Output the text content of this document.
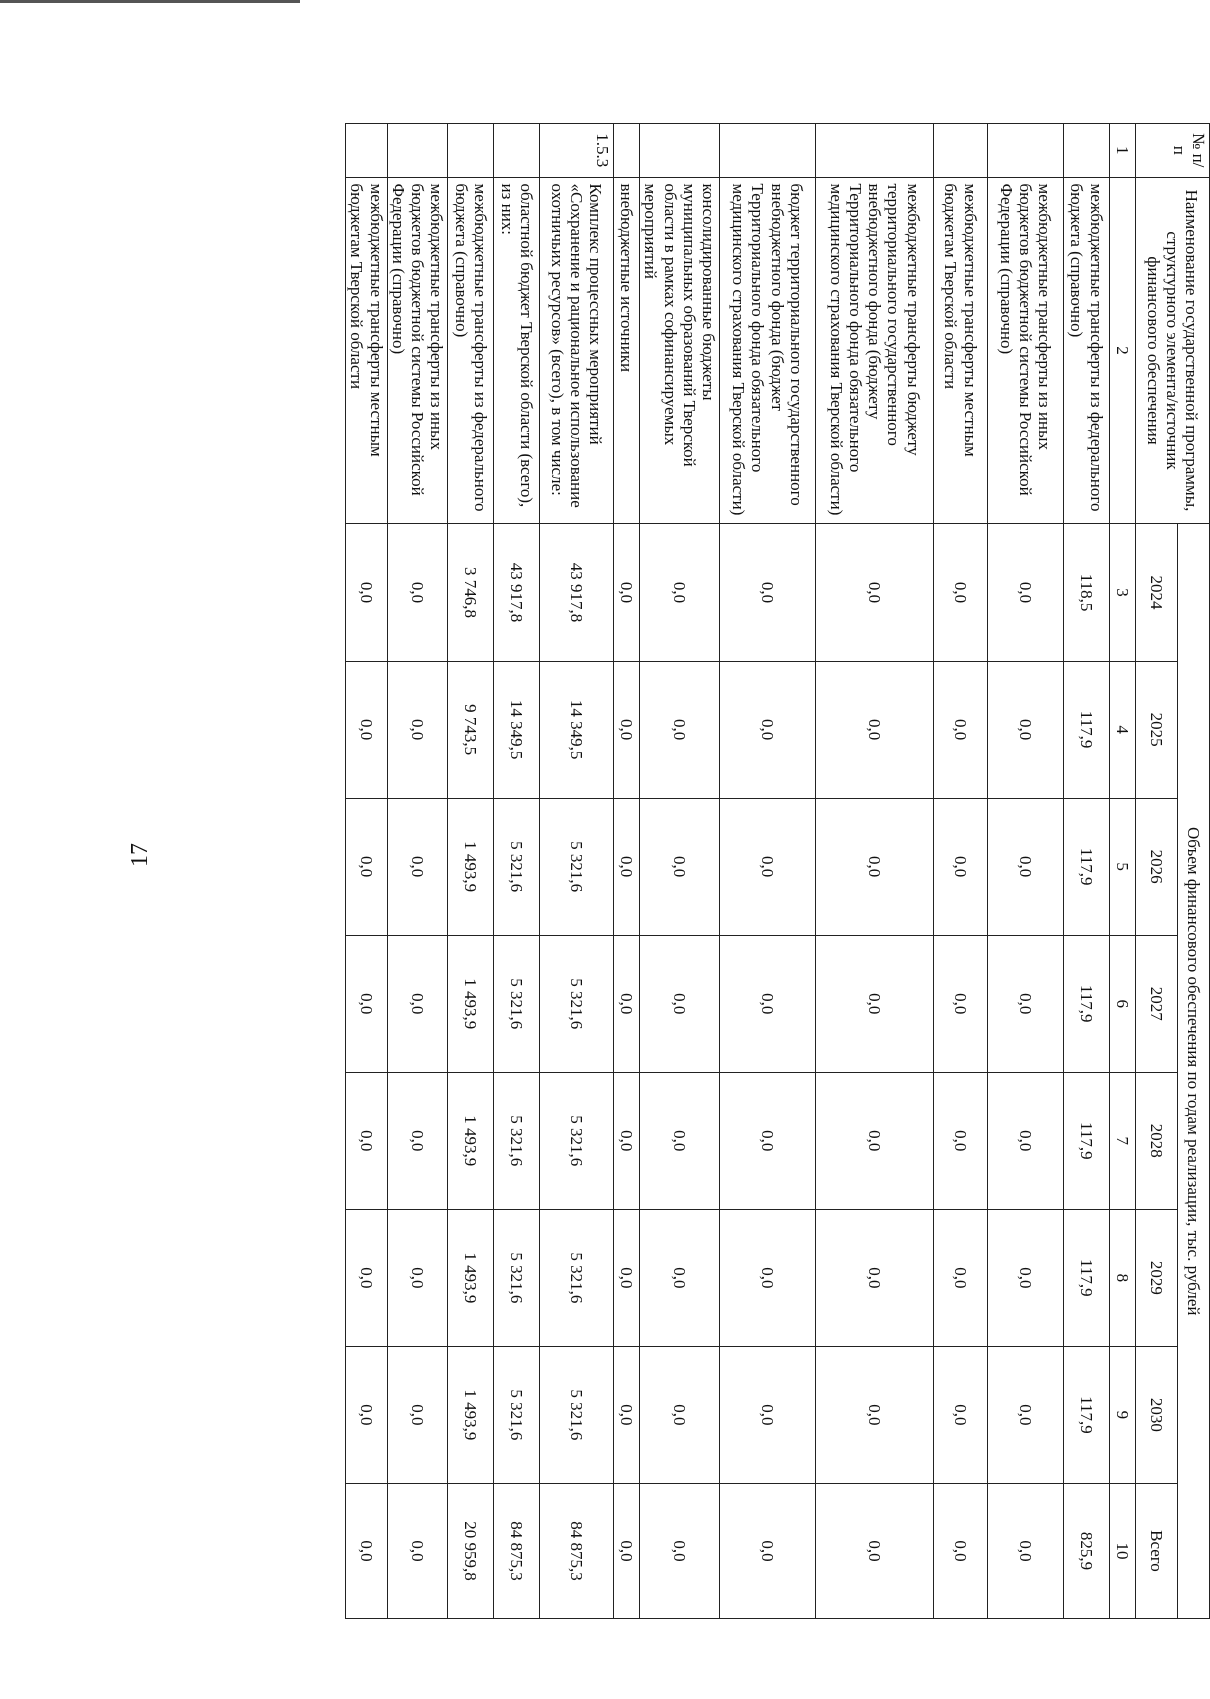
17
№ п/п	Наименование государственной программы, структурного элемента/источник финансового обеспечения	Объем финансового обеспечения по годам реализации, тыс. рублей							
		2024	2025	2026	2027	2028	2029	2030	Всего
1	2	3	4	5	6	7	8	9	10
	межбюджетные трансферты из федерального бюджета (справочно)	118,5	117,9	117,9	117,9	117,9	117,9	117,9	825,9
	межбюджетные трансферты из иных бюджетов бюджетной системы Российской Федерации (справочно)	0,0	0,0	0,0	0,0	0,0	0,0	0,0	0,0
	межбюджетные трансферты местным бюджетам Тверской области	0,0	0,0	0,0	0,0	0,0	0,0	0,0	0,0
	межбюджетные трансферты бюджету территориального государственного внебюджетного фонда (бюджету Территориального фонда обязательного медицинского страхования Тверской области)	0,0	0,0	0,0	0,0	0,0	0,0	0,0	0,0
	бюджет территориального государственного внебюджетного фонда (бюджет Территориального фонда обязательного медицинского страхования Тверской области)	0,0	0,0	0,0	0,0	0,0	0,0	0,0	0,0
	консолидированные бюджеты муниципальных образований Тверской области в рамках софинансируемых мероприятий	0,0	0,0	0,0	0,0	0,0	0,0	0,0	0,0
	внебюджетные источники	0,0	0,0	0,0	0,0	0,0	0,0	0,0	0,0
1.5.3	Комплекс процессных мероприятий «Сохранение и рациональное использование охотничьих ресурсов» (всего), в том числе:	43 917,8	14 349,5	5 321,6	5 321,6	5 321,6	5 321,6	5 321,6	84 875,3
	областной бюджет Тверской области (всего), из них:	43 917,8	14 349,5	5 321,6	5 321,6	5 321,6	5 321,6	5 321,6	84 875,3
	межбюджетные трансферты из федерального бюджета (справочно)	3 746,8	9 743,5	1 493,9	1 493,9	1 493,9	1 493,9	1 493,9	20 959,8
	межбюджетные трансферты из иных бюджетов бюджетной системы Российской Федерации (справочно)	0,0	0,0	0,0	0,0	0,0	0,0	0,0	0,0
	межбюджетные трансферты местным бюджетам Тверской области	0,0	0,0	0,0	0,0	0,0	0,0	0,0	0,0
